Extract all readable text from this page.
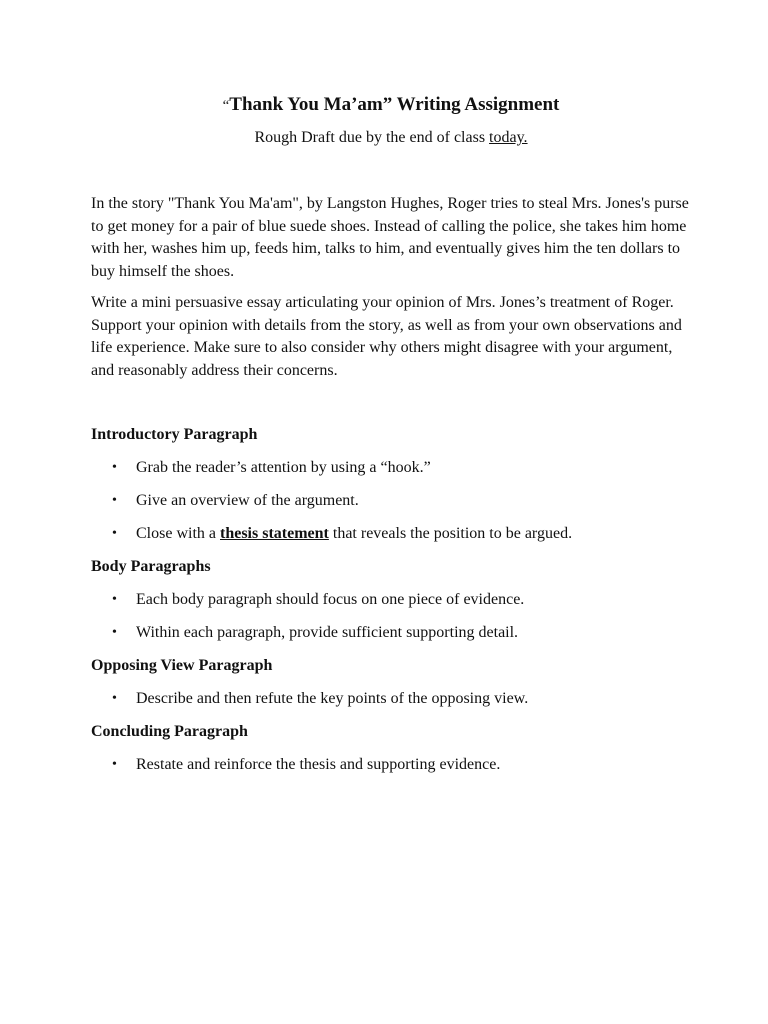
“Thank You Ma’am” Writing Assignment

Rough Draft due by the end of class today.

In the story "Thank You Ma'am", by Langston Hughes, Roger tries to steal Mrs. Jones's purse to get money for a pair of blue suede shoes. Instead of calling the police, she takes him home with her, washes him up, feeds him, talks to him, and eventually gives him the ten dollars to buy himself the shoes.

Write a mini persuasive essay articulating your opinion of Mrs. Jones’s treatment of Roger. Support your opinion with details from the story, as well as from your own observations and life experience. Make sure to also consider why others might disagree with your argument, and reasonably address their concerns.

Introductory Paragraph
• Grab the reader’s attention by using a “hook.”
• Give an overview of the argument.
• Close with a thesis statement that reveals the position to be argued.
Body Paragraphs
• Each body paragraph should focus on one piece of evidence.
• Within each paragraph, provide sufficient supporting detail.
Opposing View Paragraph
• Describe and then refute the key points of the opposing view.
Concluding Paragraph
• Restate and reinforce the thesis and supporting evidence.
